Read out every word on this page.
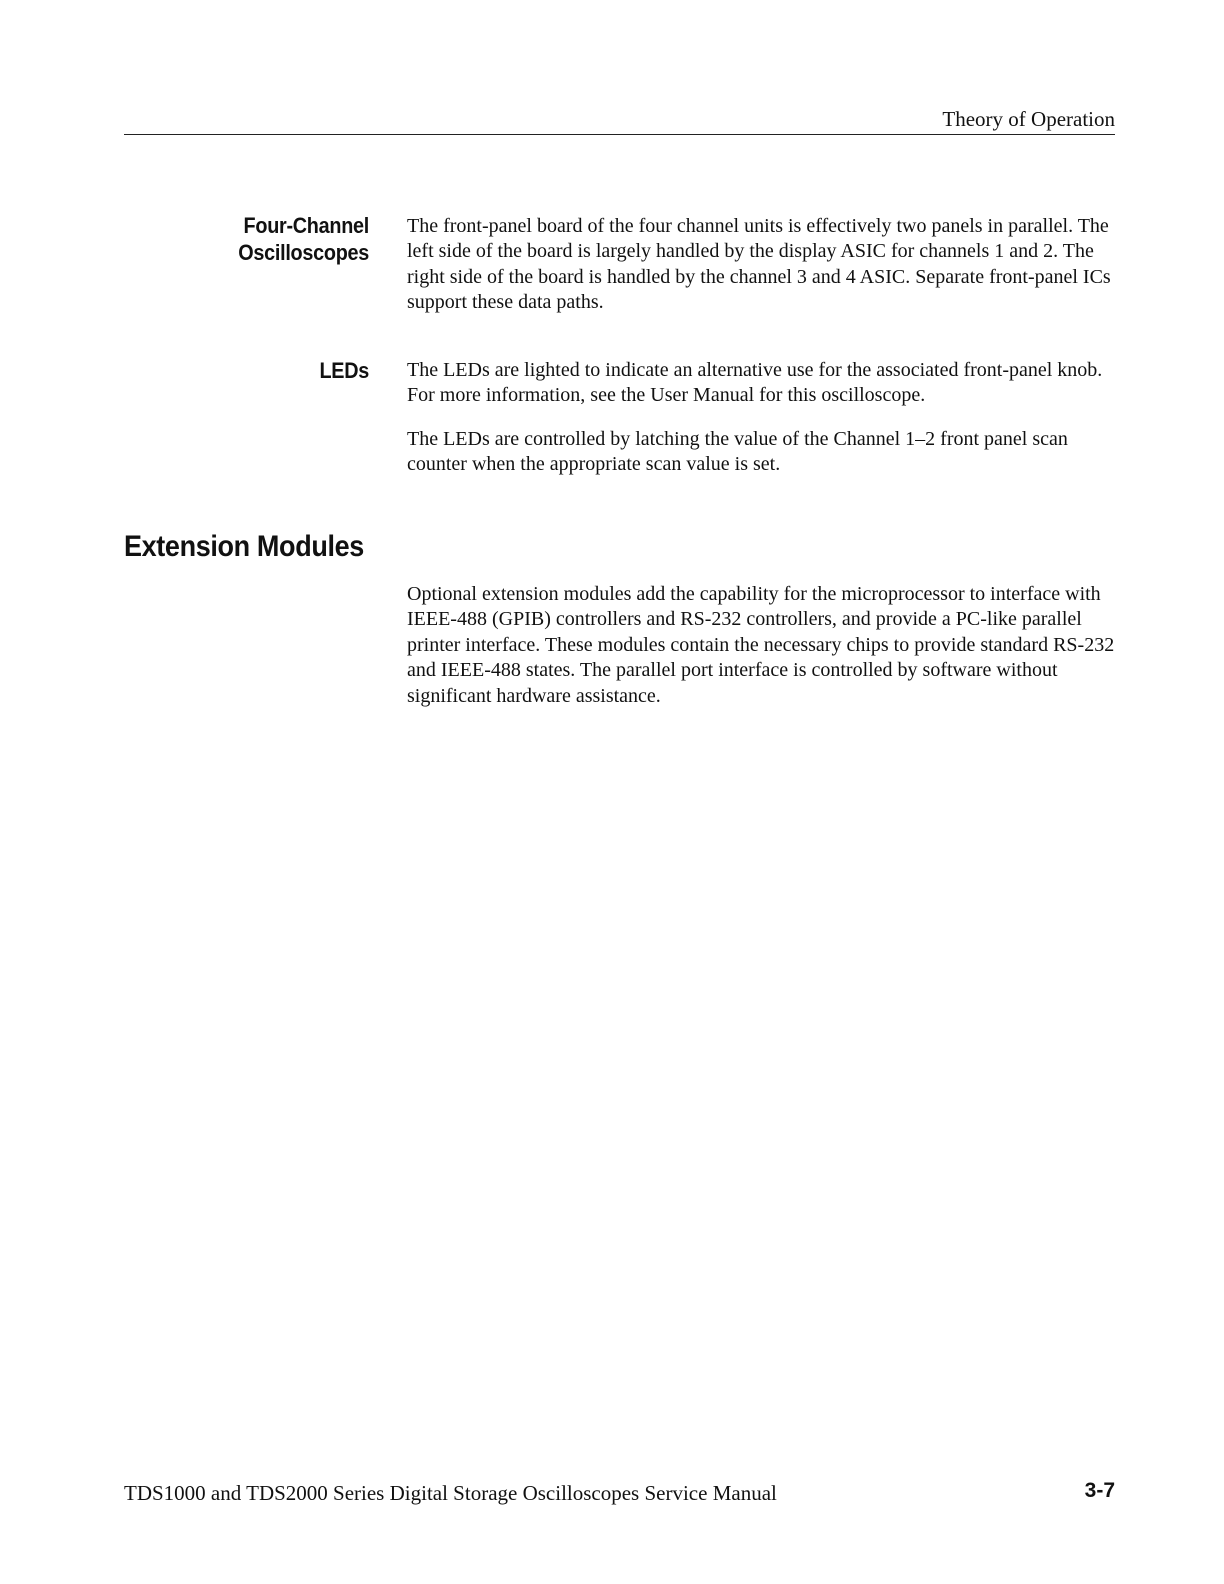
Theory of Operation
Four-Channel
Oscilloscopes

The front-panel board of the four channel units is effectively two panels in parallel. The left side of the board is largely handled by the display ASIC for channels 1 and 2. The right side of the board is handled by the channel 3 and 4 ASIC. Separate front-panel ICs support these data paths.

LEDs The LEDs are lighted to indicate an alternative use for the associated front-panel knob. For more information, see the User Manual for this oscilloscope.

The LEDs are controlled by latching the value of the Channel 1–2 front panel scan counter when the appropriate scan value is set.

Extension Modules

Optional extension modules add the capability for the microprocessor to interface with IEEE-488 (GPIB) controllers and RS-232 controllers, and provide a PC-like parallel printer interface. These modules contain the necessary chips to provide standard RS-232 and IEEE-488 states. The parallel port interface is controlled by software without significant hardware assistance.

TDS1000 and TDS2000 Series Digital Storage Oscilloscopes Service Manual	3-7
